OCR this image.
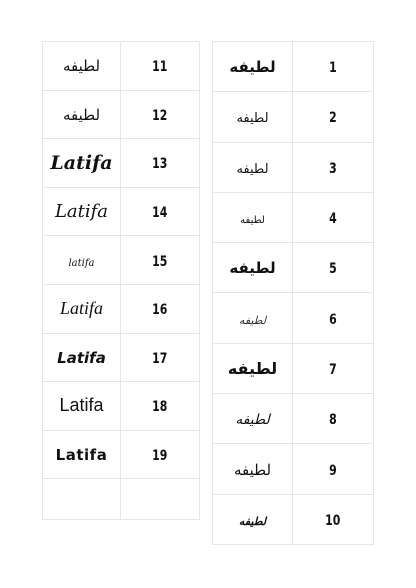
لطيفه	11
لطيفه	12
Latifa	13
Latifa	14
latifa	15
Latifa	16
Latifa	17
Latifa	18
Latifa	19

لطيفه	1
لطيفه	2
لطيفه	3
لطيفه	4
لطيفه	5
لطيفه	6
لطيفه	7
لطيفه	8
لطيفه	9
لطيفه	10
